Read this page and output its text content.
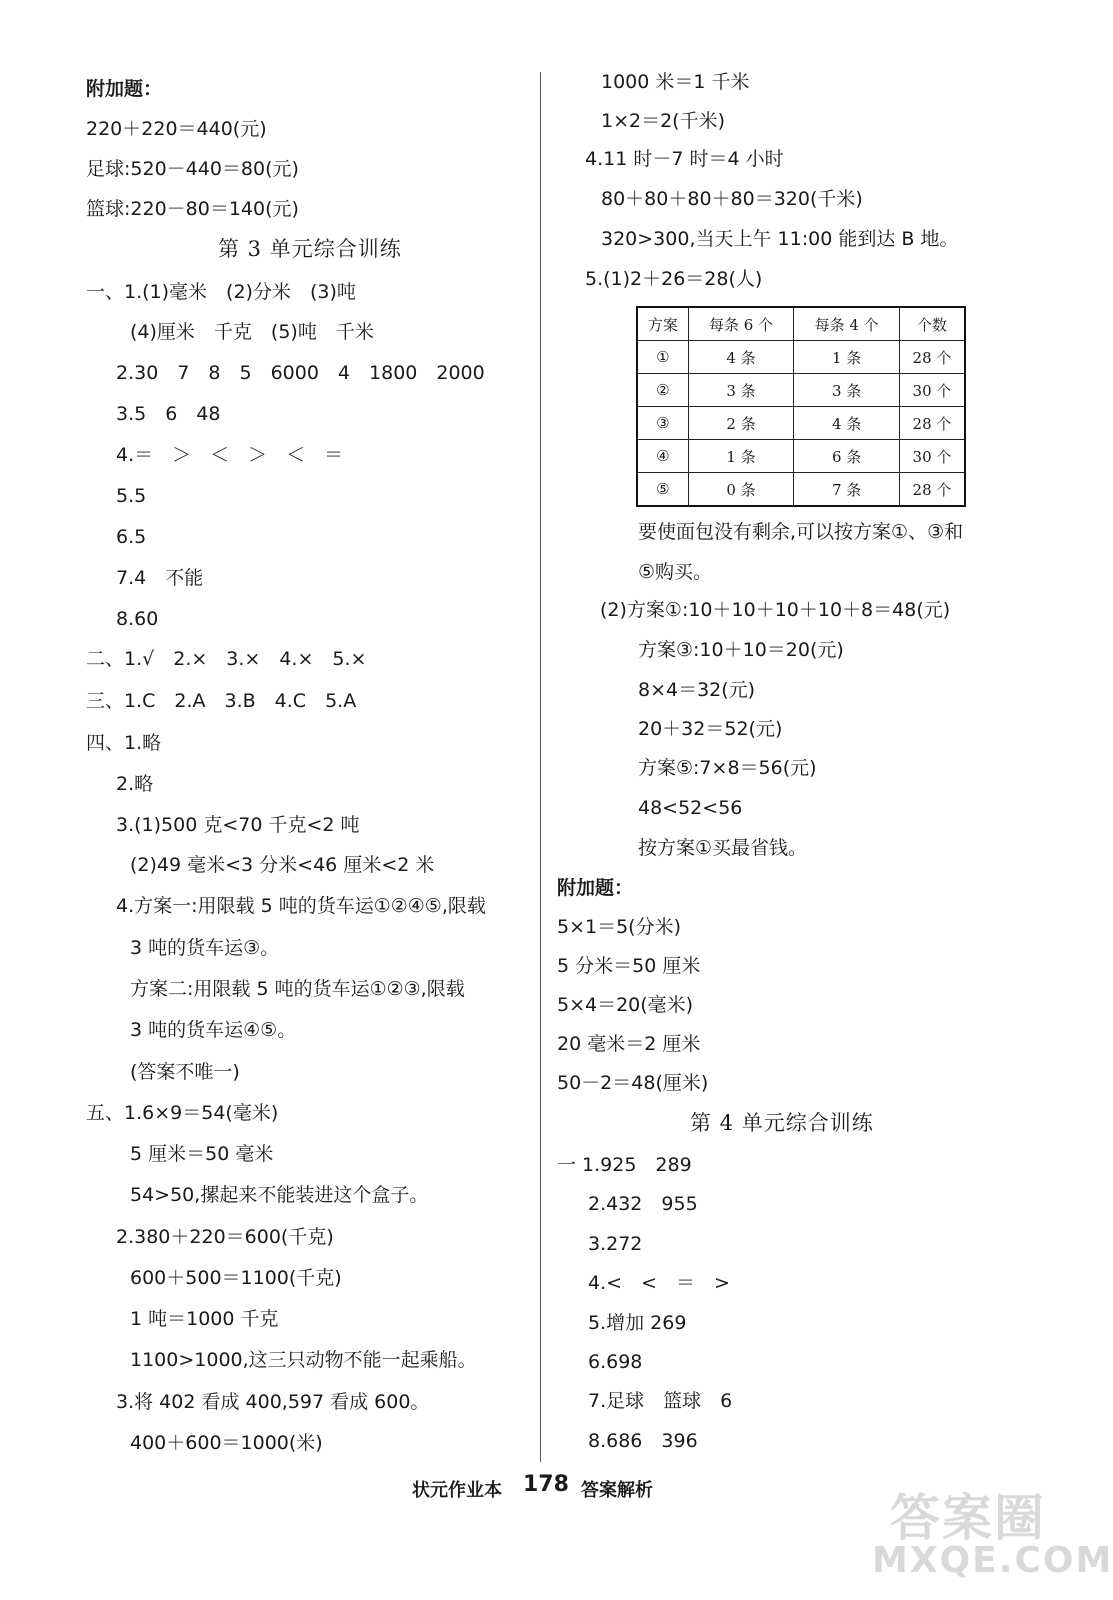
附加题：
220＋220＝440(元)
足球:520－440＝80(元)
篮球:220－80＝140(元)
第 3 单元综合训练
一、1.(1)毫米　(2)分米　(3)吨
(4)厘米　千克　(5)吨　千米
2.30　7　8　5　6000　4　1800　2000
3.5　6　48
4.＝　＞　＜　＞　＜　＝
5.5
6.5
7.4　不能
8.60
二、1.√　2.×　3.×　4.×　5.×
三、1.C　2.A　3.B　4.C　5.A
四、1.略
2.略
3.(1)500 克<70 千克<2 吨
(2)49 毫米<3 分米<46 厘米<2 米
4.方案一:用限载 5 吨的货车运①②④⑤,限载
3 吨的货车运③。
方案二:用限载 5 吨的货车运①②③,限载
3 吨的货车运④⑤。
(答案不唯一)
五、1.6×9＝54(毫米)
5 厘米＝50 毫米
54>50,摞起来不能装进这个盒子。
2.380＋220＝600(千克)
600＋500＝1100(千克)
1 吨＝1000 千克
1100>1000,这三只动物不能一起乘船。
3.将 402 看成 400,597 看成 600。
400＋600＝1000(米)
1000 米＝1 千米
1×2＝2(千米)
4.11 时－7 时＝4 小时
80＋80＋80＋80＝320(千米)
320>300,当天上午 11:00 能到达 B 地。
5.(1)2＋26＝28(人)
方案	每条 6 个	每条 4 个	个数
①	4 条	1 条	28 个
②	3 条	3 条	30 个
③	2 条	4 条	28 个
④	1 条	6 条	30 个
⑤	0 条	7 条	28 个
要使面包没有剩余,可以按方案①、③和
⑤购买。
(2)方案①:10＋10＋10＋10＋8＝48(元)
方案③:10＋10＝20(元)
8×4＝32(元)
20＋32＝52(元)
方案⑤:7×8＝56(元)
48<52<56
按方案①买最省钱。
附加题：
5×1＝5(分米)
5 分米＝50 厘米
5×4＝20(毫米)
20 毫米＝2 厘米
50－2＝48(厘米)
第 4 单元综合训练
一 1.925　289
2.432　955
3.272
4.<　<　＝　>
5.增加 269
6.698
7.足球　篮球　6
8.686　396
状元作业本 178 答案解析	答案圈
MXQE.COM
